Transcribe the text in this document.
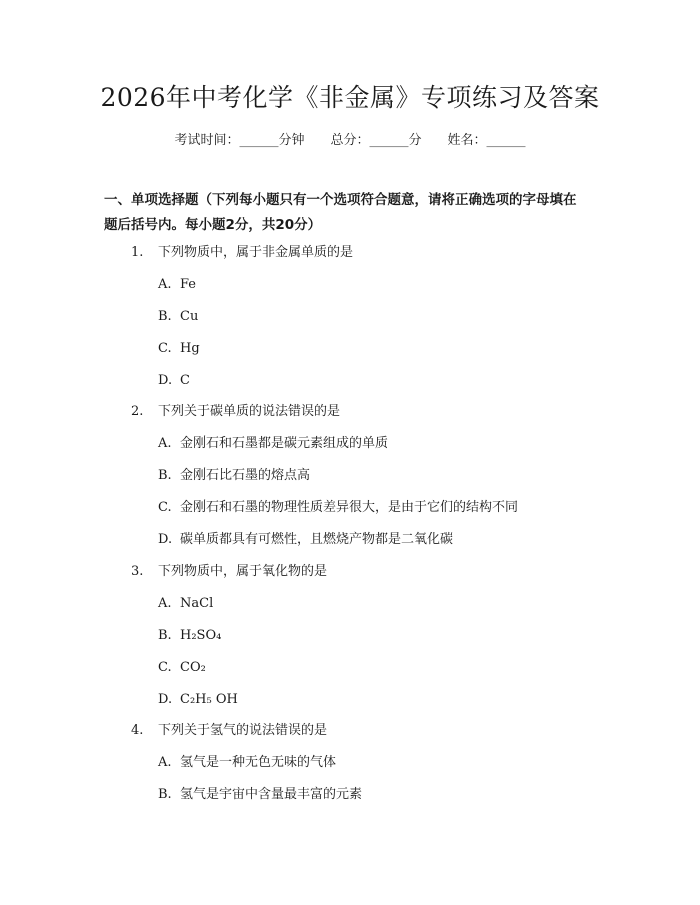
2026年中考化学《非金属》专项练习及答案
考试时间：______分钟 总分：______分 姓名：______
一、单项选择题（下列每小题只有一个选项符合题意，请将正确选项的字母填在
题后括号内。每小题2分，共20分）
1. 下列物质中，属于非金属单质的是
A. Fe
B. Cu
C. Hg
D. C
2. 下列关于碳单质的说法错误的是
A. 金刚石和石墨都是碳元素组成的单质
B. 金刚石比石墨的熔点高
C. 金刚石和石墨的物理性质差异很大，是由于它们的结构不同
D. 碳单质都具有可燃性，且燃烧产物都是二氧化碳
3. 下列物质中，属于氧化物的是
A. NaCl
B. H₂SO₄
C. CO₂
D. C₂H₅ OH
4. 下列关于氢气的说法错误的是
A. 氢气是一种无色无味的气体
B. 氢气是宇宙中含量最丰富的元素
